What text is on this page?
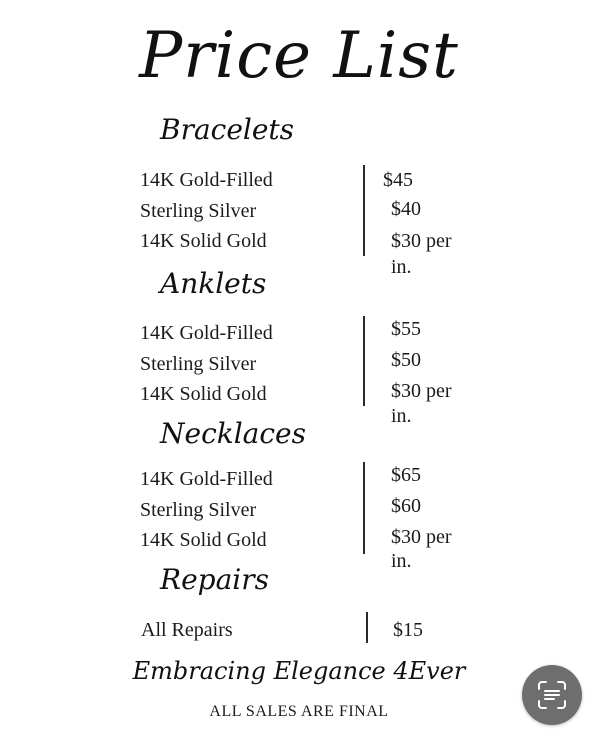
Price List
Bracelets
14K Gold-Filled	$45
Sterling Silver	$40
14K Solid Gold	$30 per
in.
Anklets
14K Gold-Filled	$55
Sterling Silver	$50
14K Solid Gold	$30 per
in.
Necklaces
14K Gold-Filled	$65
Sterling Silver	$60
14K Solid Gold	$30 per
in.
Repairs
All Repairs	$15
Embracing Elegance 4Ever
ALL SALES ARE FINAL
